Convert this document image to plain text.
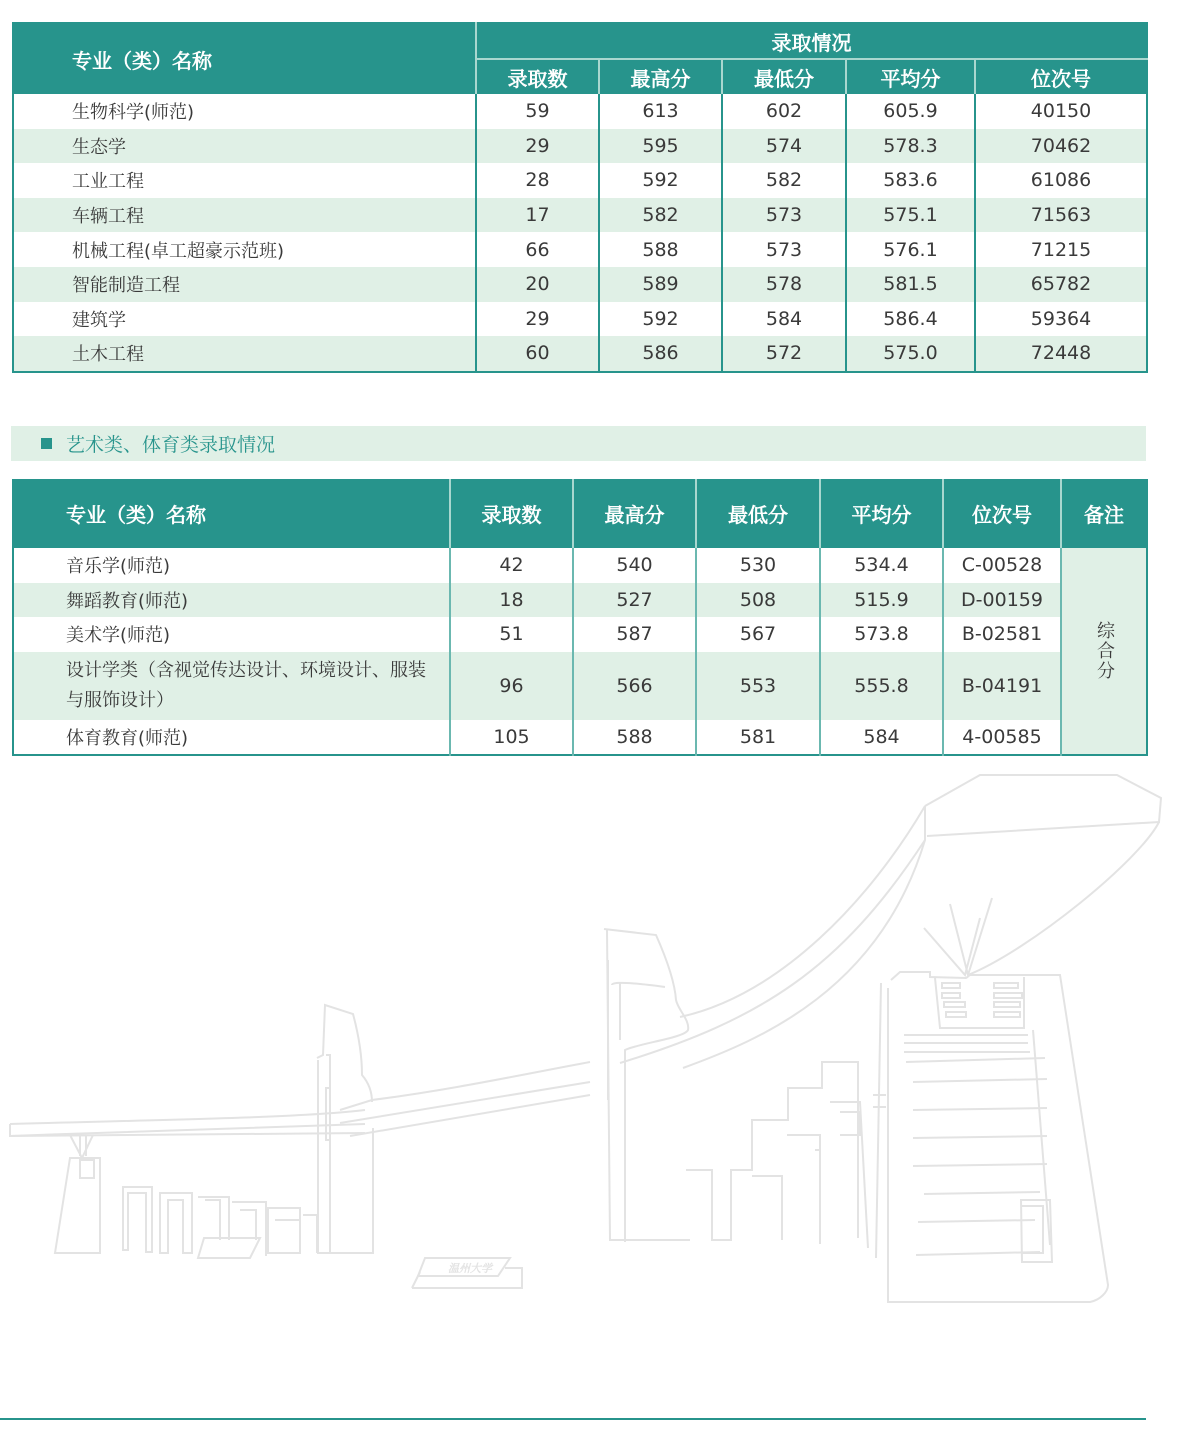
专业（类）名称	录取情况				
	录取数	最高分	最低分	平均分	位次号
生物科学(师范)	59	613	602	605.9	40150
生态学	29	595	574	578.3	70462
工业工程	28	592	582	583.6	61086
车辆工程	17	582	573	575.1	71563
机械工程(卓工超豪示范班)	66	588	573	576.1	71215
智能制造工程	20	589	578	581.5	65782
建筑学	29	592	584	586.4	59364
土木工程	60	586	572	575.0	72448
艺术类、体育类录取情况
专业（类）名称	录取数	最高分	最低分	平均分	位次号	备注
音乐学(师范)	42	540	530	534.4	C-00528	综合分

舞蹈教育(师范)	18	527	508	515.9	D-00159	
美术学(师范)	51	587	567	573.8	B-02581	
设计学类（含视觉传达设计、环境设计、服装与服饰设计）	96	566	553	555.8	B-04191	
体育教育(师范)	105	588	581	584	4-00585	
温州大学
